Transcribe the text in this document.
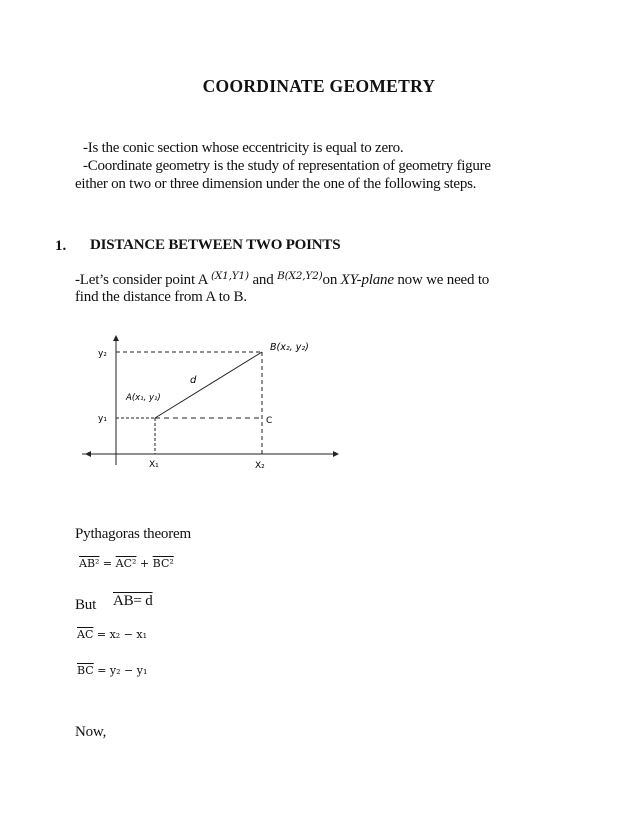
COORDINATE GEOMETRY
-Is the conic section whose eccentricity is equal to zero.
-Coordinate geometry is the study of representation of geometry figure
either on two or three dimension under the one of the following steps.
1. DISTANCE BETWEEN TWO POINTS
-Let’s consider point A $^{(X1,Y1)}$ and $^{B(X2,Y2)}$on XY-plane now we need to
find the distance from A to B.
B(x₂, y₂)
A(x₁, y₁)
d
C
y₂
y₁
X₁	X₂
Pythagoras theorem
AB² = AC² + BC²
But AB= d
$\overline{AC} = x_2 - x_1$
$\overline{BC} = y_2 - y_1$
Now,
